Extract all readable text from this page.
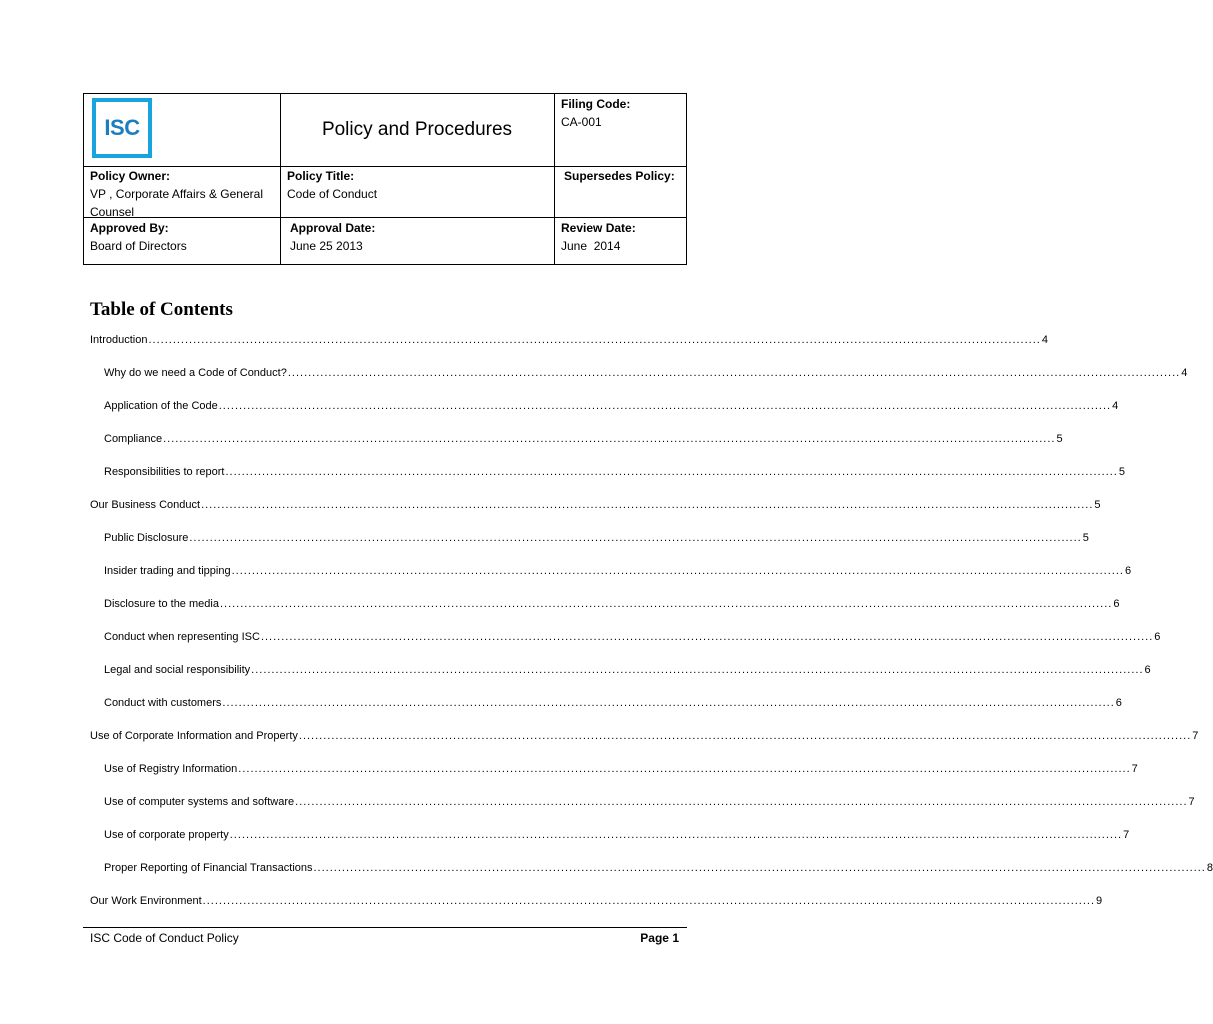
ISC	Policy and Procedures
Filing Code:
CA-001
Policy Owner:
VP , Corporate Affairs & General Counsel
Policy Title:
Code of Conduct
Supersedes Policy:
Approved By:
Board of Directors
Approval Date:
June 25 2013
Review Date:
June  2014
Table of Contents
Introduction ............................................................................................................................................................................................................................ 4
Why do we need a Code of Conduct? ............................................................................................................................................................................................................................ 4
Application of the Code ............................................................................................................................................................................................................................ 4
Compliance ............................................................................................................................................................................................................................ 5
Responsibilities to report ............................................................................................................................................................................................................................ 5
Our Business Conduct ............................................................................................................................................................................................................................ 5
Public Disclosure ............................................................................................................................................................................................................................ 5
Insider trading and tipping ............................................................................................................................................................................................................................ 6
Disclosure to the media ............................................................................................................................................................................................................................ 6
Conduct when representing ISC ............................................................................................................................................................................................................................ 6
Legal and social responsibility ............................................................................................................................................................................................................................ 6
Conduct with customers ............................................................................................................................................................................................................................ 6
Use of Corporate Information and Property ............................................................................................................................................................................................................................ 7
Use of Registry Information ............................................................................................................................................................................................................................ 7
Use of computer systems and software ............................................................................................................................................................................................................................ 7
Use of corporate property ............................................................................................................................................................................................................................ 7
Proper Reporting of Financial Transactions ............................................................................................................................................................................................................................ 8
Our Work Environment ............................................................................................................................................................................................................................ 9
ISC Code of Conduct Policy	Page 1
